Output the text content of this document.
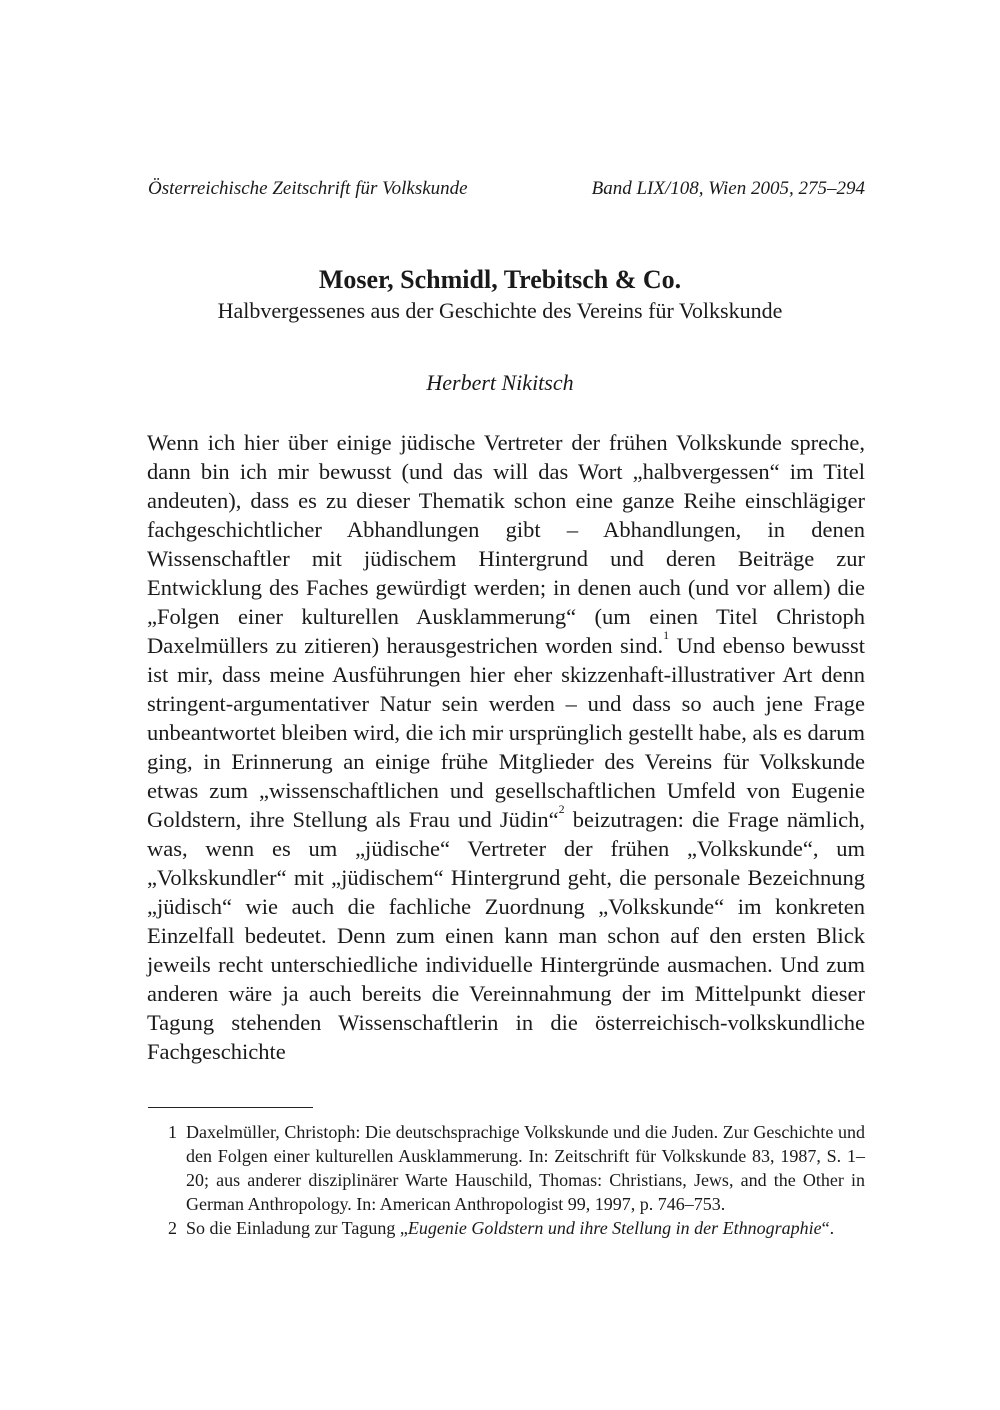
Österreichische Zeitschrift für Volkskunde	Band LIX/108, Wien 2005, 275–294

Moser, Schmidl, Trebitsch & Co.

Halbvergessenes aus der Geschichte des Vereins für Volkskunde

Herbert Nikitsch

Wenn ich hier über einige jüdische Vertreter der frühen Volkskunde spreche, dann bin ich mir bewusst (und das will das Wort „halbvergessen“ im Titel andeuten), dass es zu dieser Thematik schon eine ganze Reihe einschlägiger fachgeschichtlicher Abhandlungen gibt – Abhandlungen, in denen Wissenschaftler mit jüdischem Hintergrund und deren Beiträge zur Entwicklung des Faches gewürdigt werden; in denen auch (und vor allem) die „Folgen einer kulturellen Ausklammerung“ (um einen Titel Christoph Daxelmüllers zu zitieren) herausgestrichen worden sind.$^1$ Und ebenso bewusst ist mir, dass meine Ausführungen hier eher skizzenhaft-illustrativer Art denn stringent-argumentativer Natur sein werden – und dass so auch jene Frage unbeantwortet bleiben wird, die ich mir ursprünglich gestellt habe, als es darum ging, in Erinnerung an einige frühe Mitglieder des Vereins für Volkskunde etwas zum „wissenschaftlichen und gesellschaftlichen Umfeld von Eugenie Goldstern, ihre Stellung als Frau und Jüdin“$^2$ beizutragen: die Frage nämlich, was, wenn es um „jüdische“ Vertreter der frühen „Volkskunde“, um „Volkskundler“ mit „jüdischem“ Hintergrund geht, die personale Bezeichnung „jüdisch“ wie auch die fachliche Zuordnung „Volkskunde“ im konkreten Einzelfall bedeutet. Denn zum einen kann man schon auf den ersten Blick jeweils recht unterschiedliche individuelle Hintergründe ausmachen. Und zum anderen wäre ja auch bereits die Vereinnahmung der im Mittelpunkt dieser Tagung stehenden Wissenschaftlerin in die österreichisch-volkskundliche Fachgeschichte

1 Daxelmüller, Christoph: Die deutschsprachige Volkskunde und die Juden. Zur Geschichte und den Folgen einer kulturellen Ausklammerung. In: Zeitschrift für Volkskunde 83, 1987, S. 1–20; aus anderer disziplinärer Warte Hauschild, Thomas: Christians, Jews, and the Other in German Anthropology. In: American Anthropologist 99, 1997, p. 746–753.
2 So die Einladung zur Tagung „Eugenie Goldstern und ihre Stellung in der Ethnographie“.
